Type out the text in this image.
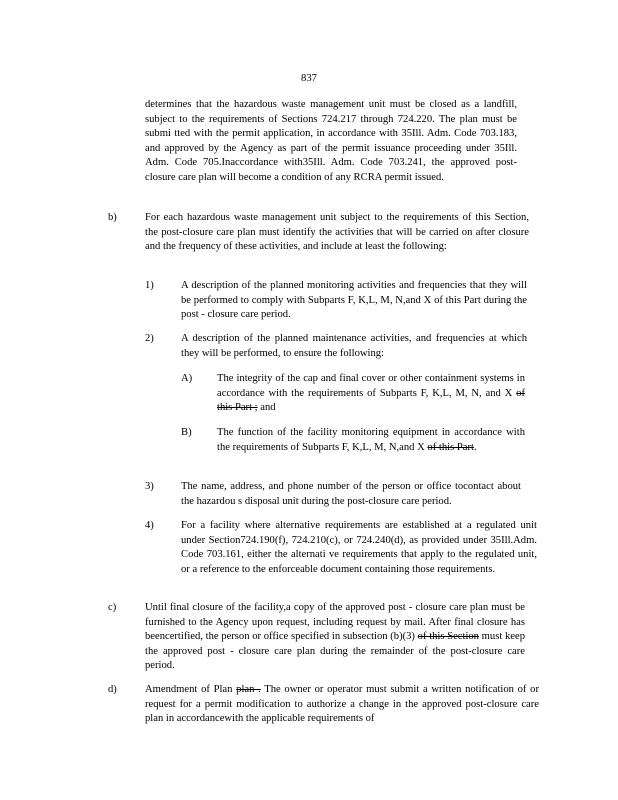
837
determines that the hazardous waste management unit must be closed as a landfill, subject to the requirements of Sections 724.217 through 724.220. The plan must be submi tted with the permit application, in accordance with 35Ill. Adm. Code 703.183, and approved by the Agency as part of the permit issuance proceeding under 35Ill. Adm. Code 705.Inaccordance with35Ill. Adm. Code 703.241, the approved post-closure care plan will become a condition of any RCRA permit issued.
b)	For each hazardous waste management unit subject to the requirements of this Section, the post-closure care plan must identify the activities that will be carried on after closure and the frequency of these activities, and include at least the following:
1)	A description of the planned monitoring activities and frequencies that they will be performed to comply with Subparts F, K,L, M, N,and X of this Part during the post - closure care period.
2)	A description of the planned maintenance activities, and frequencies at which they will be performed, to ensure the following:
A) The integrity of the cap and final cover or other containment systems in accordance with the requirements of Subparts F, K,L, M, N, and X of this Part ; and
B) The function of the facility monitoring equipment in accordance with the requirements of Subparts F, K,L, M, N,and X of this Part.
3)	The name, address, and phone number of the person or office tocontact about the hazardou s disposal unit during the post-closure care period.
4)	For a facility where alternative requirements are established at a regulated unit under Section724.190(f), 724.210(c), or 724.240(d), as provided under 35Ill.Adm. Code 703.161, either the alternati ve requirements that apply to the regulated unit, or a reference to the enforceable document containing those requirements.
c)	Until final closure of the facility,a copy of the approved post - closure care plan must be furnished to the Agency upon request, including request by mail. After final closure has beencertified, the person or office specified in subsection (b)(3) of this Section must keep the approved post - closure care plan during the remainder of the post-closure care period.
d)	Amendment of Plan plan . The owner or operator must submit a written notification of or request for a permit modification to authorize a change in the approved post-closure care plan in accordancewith the applicable requirements of
